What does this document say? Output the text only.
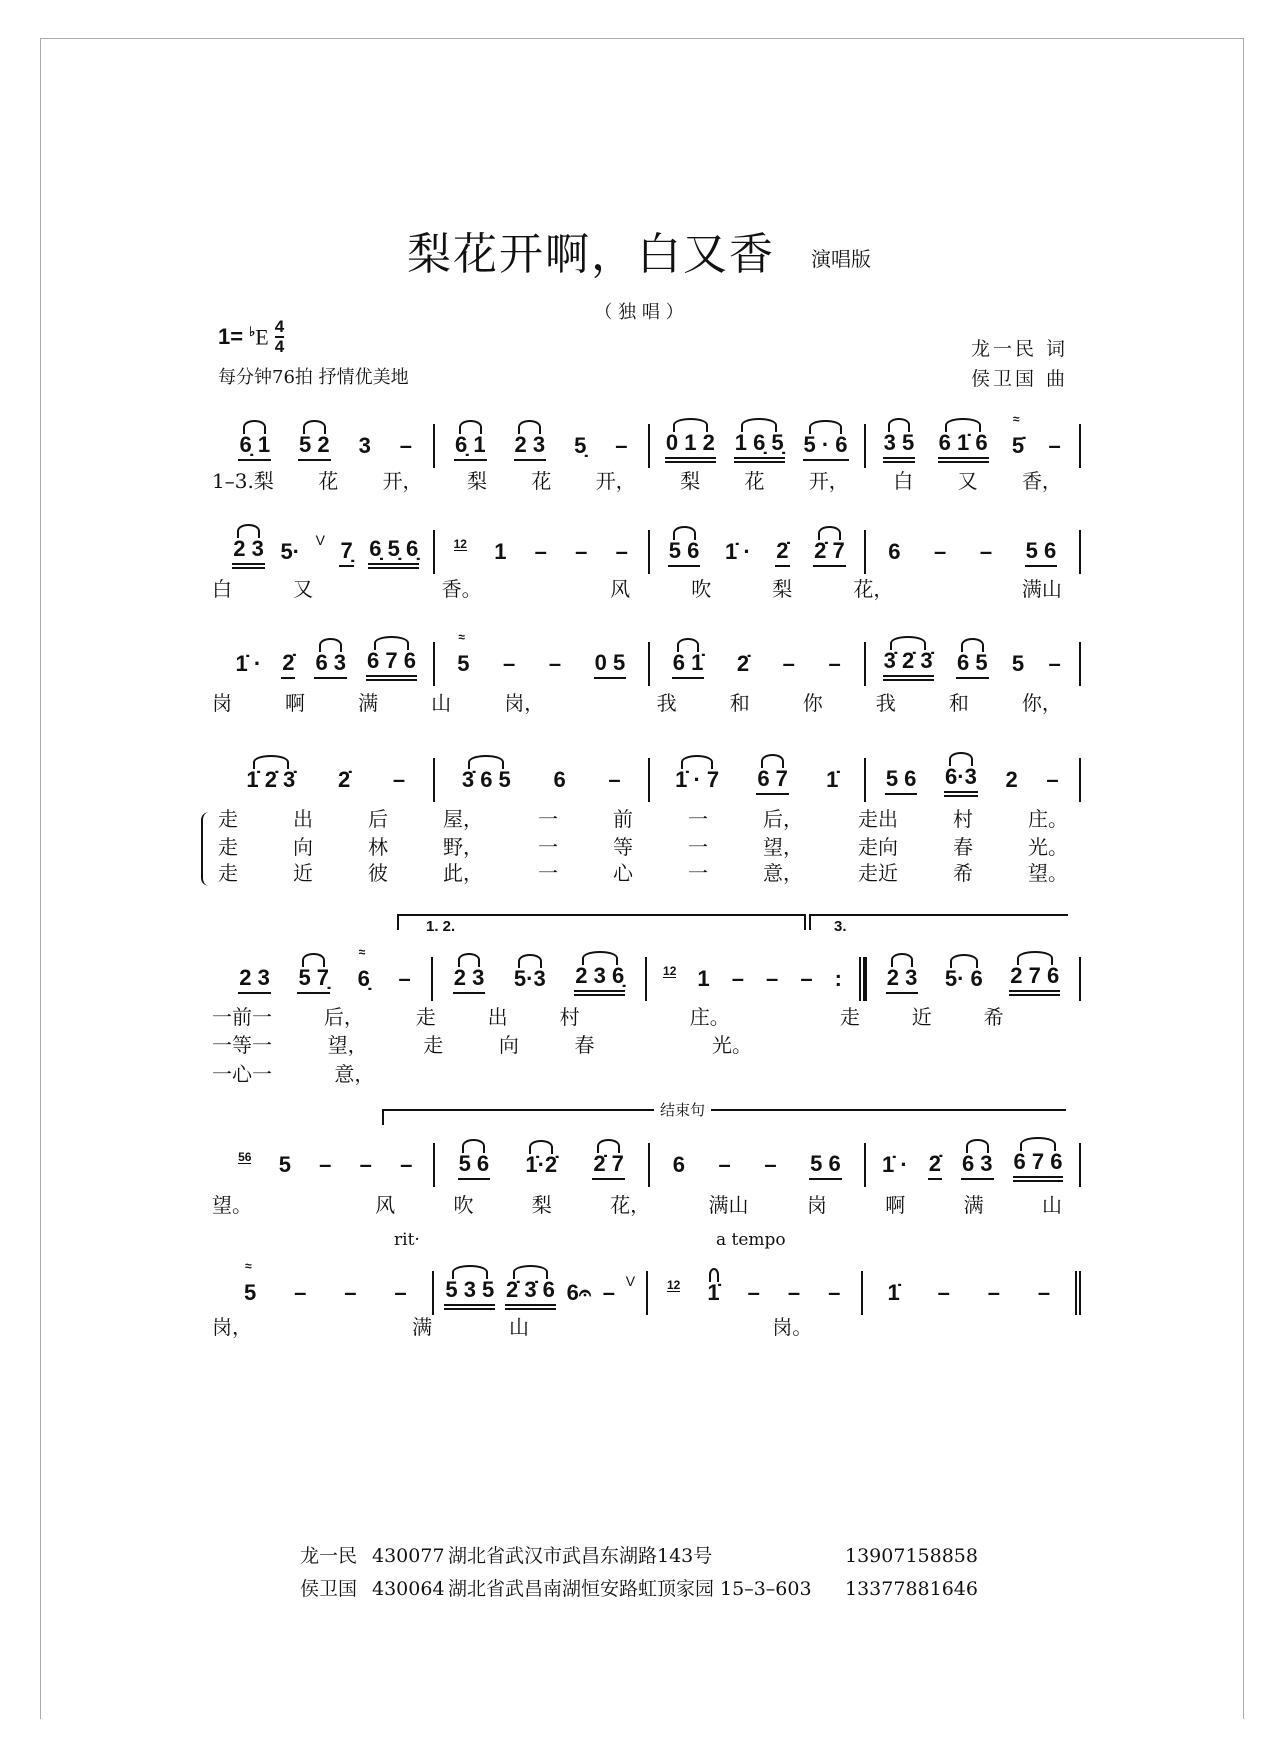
梨花开啊，白又香 演唱版
（ 独 唱 ）
$1= ^♭E \frac{4}{4}$
每分钟76拍 抒情优美地
龙一民 词
侯卫国 曲
6̣ 1 5 2 3 – 6̣ 1 2 3 5̣ – 0 1 2 1 6̣ 5̣ 5 · 6 3 5 6 1̇ 6 5̇
≈
–
2 3 5· V 7̣ 6̣ 5̣ 6̣	12 1 – – – 5 6 1̇ · 2̇ 2̇ 7 6 – – 5 6
1̇ · 2̇ 6 3 6 7 6 5
≈
– – 0 5 6 1̇ 2̇ – – 3̇ 2̇ 3̇ 6 5 5 –
1̇ 2̇ 3̇ 2̇ –	3̇ 6 5 6 – 1̇ · 7 6 7 1̇ 5 6 6·3 2 –
2 3 5 7̣ 6̣
≈
– 2 3 5·3 2 3 6̣	12 1 – – – : 2 3 5· 6 2 7 6
56 5 – – – 5 6 1̇·2̇ 2̇ 7 6 – – 5 6 1̇ · 2̇ 6 3 6 7 6
5
≈
– – – 5 3 5 2̇ 3̇ 6 6𝄐 – V	12 1̇ – – – 1̇ – – –
1–3.梨 花 开， 梨 花 开， 梨 花 开， 白 又 香，
白	又
	香。
	风	吹	梨	花，
	满山
岗	啊	满	山	岗，
	我	和	你	我	和	你，
走	出	后	屋，	一	前	一	后，	走出	村	庄。
走	向	林	野，	一	等	一	望，	走向	春	光。
走	近	彼	此，	一	心	一	意，	走近	希	望。
一前一	后，	走	出	村
	庄。
	走	近	希

一等一	望，	走	向	春
	光。

一心一	意，

望。
	风	吹	梨	花，	满山	岗	啊	满	山
岗，
	满	山

	岗。

1. 2.	3.
结束句
rit·	a tempo
龙一民 430077 湖北省武汉市武昌东湖路143号	13907158858
侯卫国 430064 湖北省武昌南湖恒安路虹顶家园 15–3–603 13377881646
